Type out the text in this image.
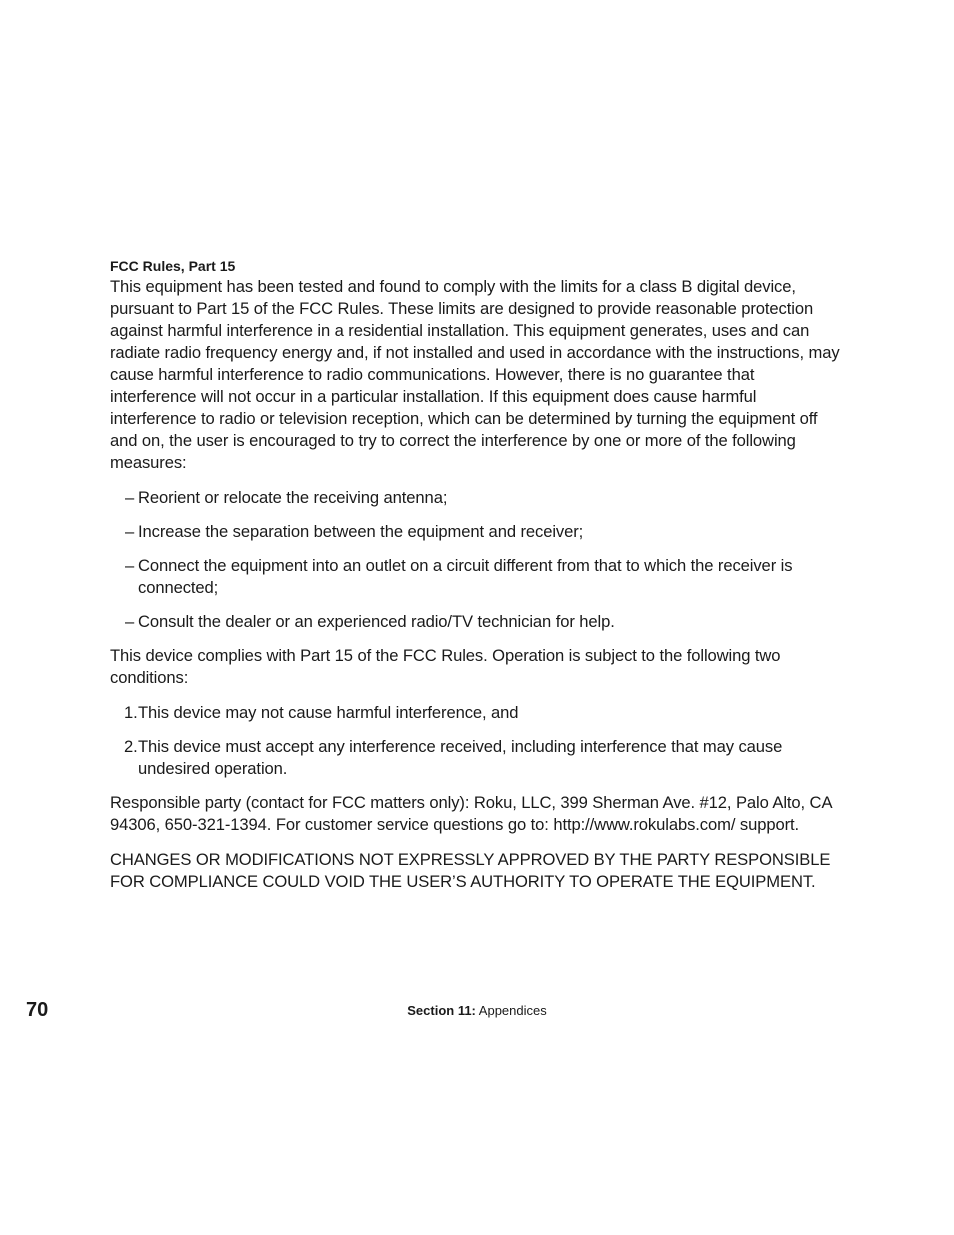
FCC Rules, Part 15

This equipment has been tested and found to comply with the limits for a class B digital device, pursuant to Part 15 of the FCC Rules. These limits are designed to provide reasonable protection against harmful interference in a residential installation. This equipment generates, uses and can radiate radio frequency energy and, if not installed and used in accordance with the instructions, may cause harmful interference to radio communications. However, there is no guarantee that interference will not occur in a particular installation. If this equipment does cause harmful interference to radio or television reception, which can be determined by turning the equipment off and on, the user is encouraged to try to correct the interference by one or more of the following measures:

– Reorient or relocate the receiving antenna;
– Increase the separation between the equipment and receiver;
– Connect the equipment into an outlet on a circuit different from that to which the receiver is connected;
– Consult the dealer or an experienced radio/TV technician for help.

This device complies with Part 15 of the FCC Rules. Operation is subject to the following two conditions:

1. This device may not cause harmful interference, and
2. This device must accept any interference received, including interference that may cause undesired operation.

Responsible party (contact for FCC matters only): Roku, LLC, 399 Sherman Ave. #12, Palo Alto, CA 94306, 650-321-1394. For customer service questions go to: http://www.rokulabs.com/ support.

CHANGES OR MODIFICATIONS NOT EXPRESSLY APPROVED BY THE PARTY RESPONSIBLE FOR COMPLIANCE COULD VOID THE USER’S AUTHORITY TO OPERATE THE EQUIPMENT.

70	Section 11: Appendices
